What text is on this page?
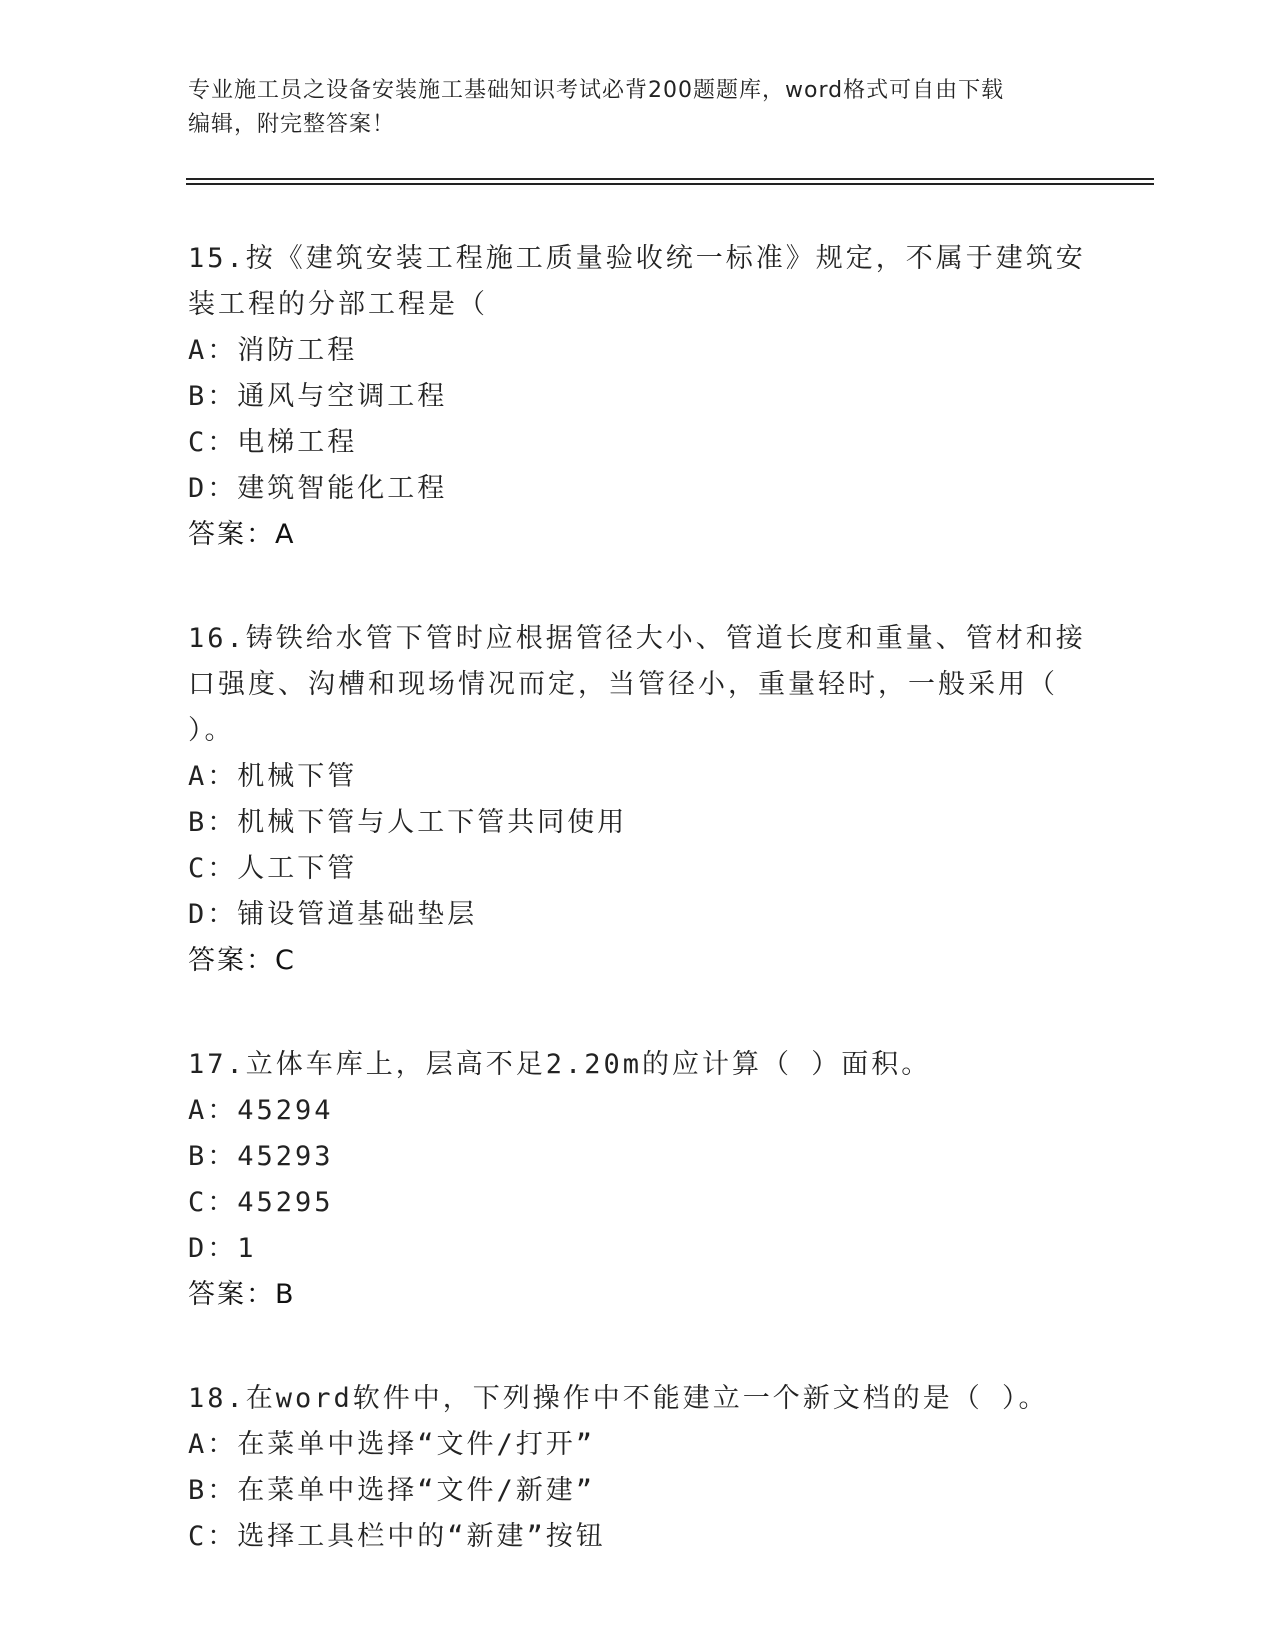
专业施工员之设备安装施工基础知识考试必背200题题库，word格式可自由下载
编辑，附完整答案！
15.按《建筑安装工程施工质量验收统一标准》规定，不属于建筑安装工程的分部工程是（
A：消防工程
B：通风与空调工程
C：电梯工程
D：建筑智能化工程
答案：A
16.铸铁给水管下管时应根据管径大小、管道长度和重量、管材和接口强度、沟槽和现场情况而定，当管径小，重量轻时，一般采用（ ）。
A：机械下管
B：机械下管与人工下管共同使用
C：人工下管
D：铺设管道基础垫层
答案：C
17.立体车库上，层高不足2.20m的应计算（ ）面积。
A：45294
B：45293
C：45295
D：1
答案：B
18.在word软件中，下列操作中不能建立一个新文档的是（ ）。
A：在菜单中选择“文件/打开”
B：在菜单中选择“文件/新建”
C：选择工具栏中的“新建”按钮
